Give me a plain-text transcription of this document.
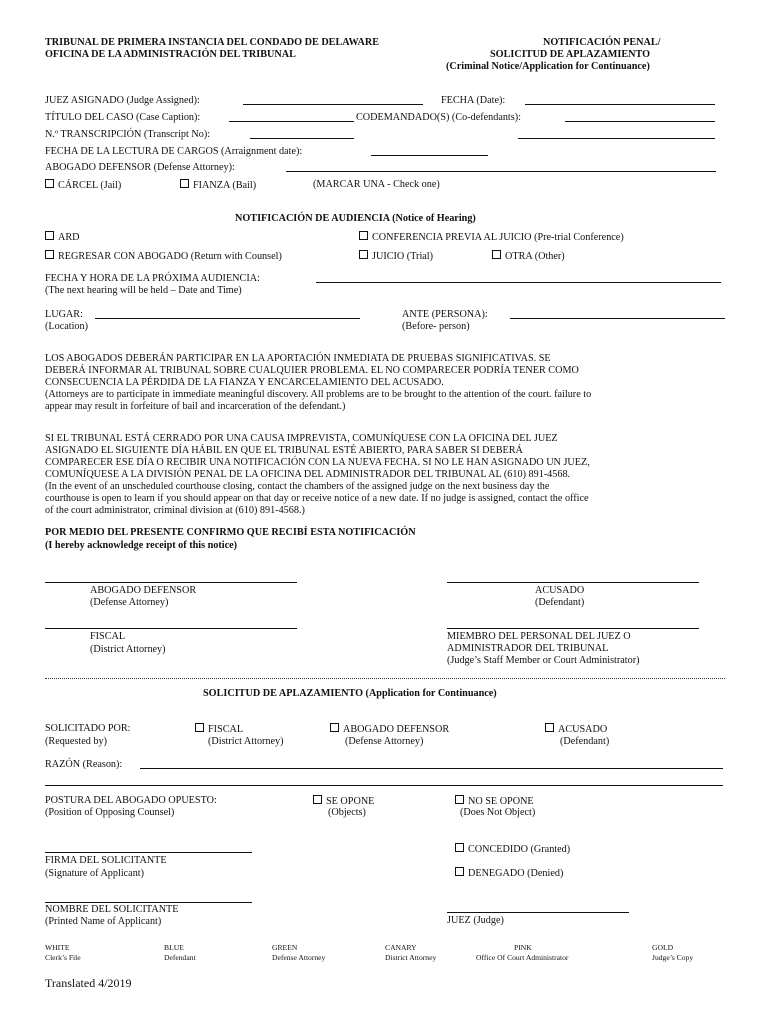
TRIBUNAL DE PRIMERA INSTANCIA DEL CONDADO DE DELAWARE
OFICINA DE LA ADMINISTRACIÓN DEL TRIBUNAL
NOTIFICACIÓN PENAL/
SOLICITUD DE APLAZAMIENTO
(Criminal Notice/Application for Continuance)
JUEZ ASIGNADO (Judge Assigned):	FECHA (Date):
TÍTULO DEL CASO (Case Caption):	CODEMANDADO(S) (Co-defendants):
N.º TRANSCRIPCIÓN (Transcript No):
FECHA DE LA LECTURA DE CARGOS (Arraignment date):
ABOGADO DEFENSOR (Defense Attorney):
CÁRCEL (Jail)	FIANZA (Bail)	(MARCAR UNA - Check one)
NOTIFICACIÓN DE AUDIENCIA (Notice of Hearing)
ARD	CONFERENCIA PREVIA AL JUICIO (Pre-trial Conference)
REGRESAR CON ABOGADO (Return with Counsel)	JUICIO (Trial)	OTRA (Other)
FECHA Y HORA DE LA PRÓXIMA AUDIENCIA:
(The next hearing will be held – Date and Time)
LUGAR:
(Location)
ANTE (PERSONA):
(Before- person)
LOS ABOGADOS DEBERÁN PARTICIPAR EN LA APORTACIÓN INMEDIATA DE PRUEBAS SIGNIFICATIVAS. SE
DEBERÁ INFORMAR AL TRIBUNAL SOBRE CUALQUIER PROBLEMA. EL NO COMPARECER PODRÍA TENER COMO
CONSECUENCIA LA PÉRDIDA DE LA FIANZA Y ENCARCELAMIENTO DEL ACUSADO.
(Attorneys are to participate in immediate meaningful discovery. All problems are to be brought to the attention of the court. failure to
appear may result in forfeiture of bail and incarceration of the defendant.)
SI EL TRIBUNAL ESTÁ CERRADO POR UNA CAUSA IMPREVISTA, COMUNÍQUESE CON LA OFICINA DEL JUEZ
ASIGNADO EL SIGUIENTE DÍA HÁBIL EN QUE EL TRIBUNAL ESTÉ ABIERTO, PARA SABER SI DEBERÁ
COMPARECER ESE DÍA O RECIBIR UNA NOTIFICACIÓN CON LA NUEVA FECHA. SI NO LE HAN ASIGNADO UN JUEZ,
COMUNÍQUESE A LA DIVISIÓN PENAL DE LA OFICINA DEL ADMINISTRADOR DEL TRIBUNAL AL (610) 891-4568.
(In the event of an unscheduled courthouse closing, contact the chambers of the assigned judge on the next business day the
courthouse is open to learn if you should appear on that day or receive notice of a new date. If no judge is assigned, contact the office
of the court administrator, criminal division at (610) 891-4568.)
POR MEDIO DEL PRESENTE CONFIRMO QUE RECIBÍ ESTA NOTIFICACIÓN
(I hereby acknowledge receipt of this notice)
ABOGADO DEFENSOR
(Defense Attorney)
ACUSADO
(Defendant)
FISCAL
(District Attorney)
MIEMBRO DEL PERSONAL DEL JUEZ O
ADMINISTRADOR DEL TRIBUNAL
(Judge’s Staff Member or Court Administrator)
SOLICITUD DE APLAZAMIENTO (Application for Continuance)
SOLICITADO POR:
(Requested by)
FISCAL
(District Attorney)
ABOGADO DEFENSOR
(Defense Attorney)
ACUSADO
(Defendant)
RAZÓN (Reason):
POSTURA DEL ABOGADO OPUESTO:
(Position of Opposing Counsel)
SE OPONE
(Objects)
NO SE OPONE
(Does Not Object)
CONCEDIDO (Granted)
FIRMA DEL SOLICITANTE
(Signature of Applicant)	DENEGADO (Denied)
NOMBRE DEL SOLICITANTE
(Printed Name of Applicant)	JUEZ (Judge)
WHITE
Clerk’s File
BLUE
Defendant
GREEN
Defense Attorney
CANARY
District Attorney
PINK
Office Of Court Administrator
GOLD
Judge’s Copy
Translated 4/2019
